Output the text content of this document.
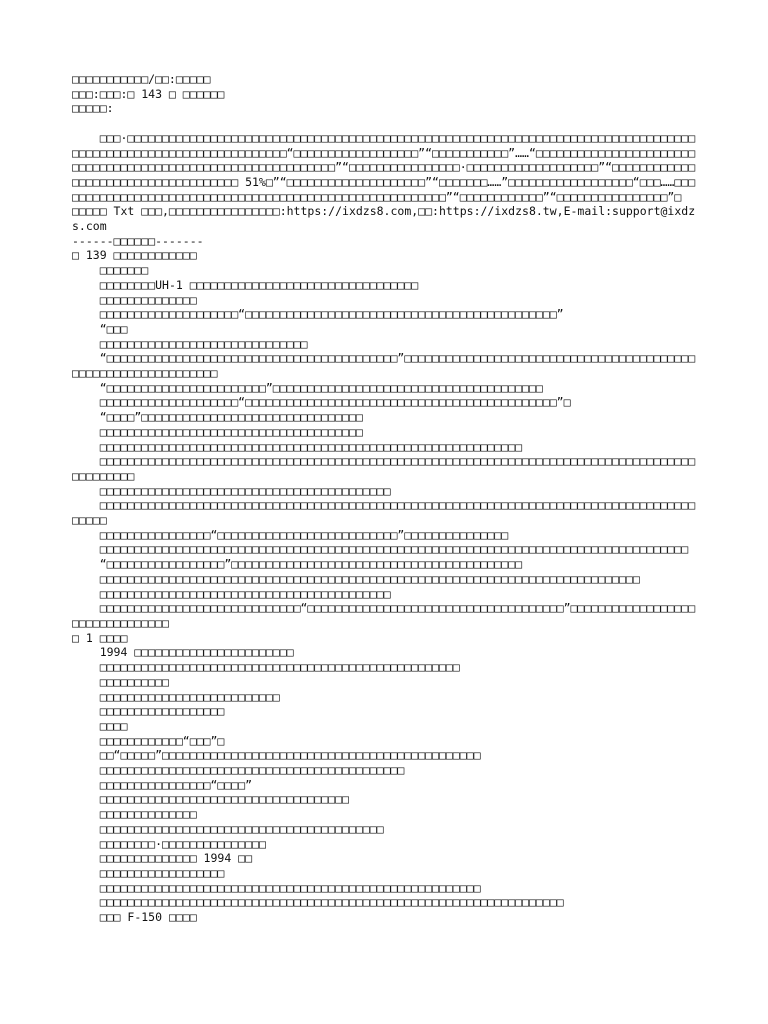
□□□□□□□□□□□/□□:□□□□□
□□□:□□□:□ 143 □ □□□□□□
□□□□□:
□□□·□□□□□□□□□□□□□□□□□□□□□□□□□□□□□□□□□□□□□□□□□□□□□□□□□□□□□□□□□□□□□□□□□□□□□□□□□□□□□□□□□□□□□□□□□□□□□□□□□□□□□□□□□□□□□□□□□“□□□□□□□□□□□□□□□□□□”“□□□□□□□□□□□”……“□□□□□□□□□□□□□□□□□□□□□□□□□□□□□□□□□□□□□□□□□□□□□□□□□□□□□□□□□□□□□”“□□□□□□□□□□□□□□□□·□□□□□□□□□□□□□□□□□□□”“□□□□□□□□□□□□□□□□□□□□□□□□□□□□□□□□□□□□ 51%□”“□□□□□□□□□□□□□□□□□□□□”“□□□□□□□……”□□□□□□□□□□□□□□□□□□“□□□……□□□□□□□□□□□□□□□□□□□□□□□□□□□□□□□□□□□□□□□□□□□□□□□□□□□□□□□□□”“□□□□□□□□□□□□”“□□□□□□□□□□□□□□□□”□
□□□□□ Txt □□□,□□□□□□□□□□□□□□□□:https://ixdzs8.com,□□:https://ixdzs8.tw,E-mail:support@ixdzs.com
------□□□□□□-------
□ 139 □□□□□□□□□□□□
□□□□□□□
□□□□□□□□UH-1 □□□□□□□□□□□□□□□□□□□□□□□□□□□□□□□□□
□□□□□□□□□□□□□□
□□□□□□□□□□□□□□□□□□□□“□□□□□□□□□□□□□□□□□□□□□□□□□□□□□□□□□□□□□□□□□□□□□”
“□□□
□□□□□□□□□□□□□□□□□□□□□□□□□□□□□□
“□□□□□□□□□□□□□□□□□□□□□□□□□□□□□□□□□□□□□□□□□□”□□□□□□□□□□□□□□□□□□□□□□□□□□□□□□□□□□□□□□□□□□□□□□□□□□□□□□□□□□□□□□□
“□□□□□□□□□□□□□□□□□□□□□□□”□□□□□□□□□□□□□□□□□□□□□□□□□□□□□□□□□□□□□□□
□□□□□□□□□□□□□□□□□□□□“□□□□□□□□□□□□□□□□□□□□□□□□□□□□□□□□□□□□□□□□□□□□□”□
“□□□□”□□□□□□□□□□□□□□□□□□□□□□□□□□□□□□□□
□□□□□□□□□□□□□□□□□□□□□□□□□□□□□□□□□□□□□□
□□□□□□□□□□□□□□□□□□□□□□□□□□□□□□□□□□□□□□□□□□□□□□□□□□□□□□□□□□□□□
□□□□□□□□□□□□□□□□□□□□□□□□□□□□□□□□□□□□□□□□□□□□□□□□□□□□□□□□□□□□□□□□□□□□□□□□□□□□□□□□□□□□□□□□□□□□□□□
□□□□□□□□□□□□□□□□□□□□□□□□□□□□□□□□□□□□□□□□□□
□□□□□□□□□□□□□□□□□□□□□□□□□□□□□□□□□□□□□□□□□□□□□□□□□□□□□□□□□□□□□□□□□□□□□□□□□□□□□□□□□□□□□□□□□□□
□□□□□□□□□□□□□□□□“□□□□□□□□□□□□□□□□□□□□□□□□□□”□□□□□□□□□□□□□□□
□□□□□□□□□□□□□□□□□□□□□□□□□□□□□□□□□□□□□□□□□□□□□□□□□□□□□□□□□□□□□□□□□□□□□□□□□□□□□□□□□□□□□
“□□□□□□□□□□□□□□□□□”□□□□□□□□□□□□□□□□□□□□□□□□□□□□□□□□□□□□□□□□□□
□□□□□□□□□□□□□□□□□□□□□□□□□□□□□□□□□□□□□□□□□□□□□□□□□□□□□□□□□□□□□□□□□□□□□□□□□□□□□□
□□□□□□□□□□□□□□□□□□□□□□□□□□□□□□□□□□□□□□□□□□
□□□□□□□□□□□□□□□□□□□□□□□□□□□□□“□□□□□□□□□□□□□□□□□□□□□□□□□□□□□□□□□□□□□”□□□□□□□□□□□□□□□□□□□□□□□□□□□□□□□□
□ 1 □□□□
1994 □□□□□□□□□□□□□□□□□□□□□□□
□□□□□□□□□□□□□□□□□□□□□□□□□□□□□□□□□□□□□□□□□□□□□□□□□□□□
□□□□□□□□□□
□□□□□□□□□□□□□□□□□□□□□□□□□□
□□□□□□□□□□□□□□□□□□
□□□□
□□□□□□□□□□□□“□□□”□
□□“□□□□□”□□□□□□□□□□□□□□□□□□□□□□□□□□□□□□□□□□□□□□□□□□□□□□
□□□□□□□□□□□□□□□□□□□□□□□□□□□□□□□□□□□□□□□□□□□□
□□□□□□□□□□□□□□□□“□□□□”
□□□□□□□□□□□□□□□□□□□□□□□□□□□□□□□□□□□□
□□□□□□□□□□□□□□
□□□□□□□□□□□□□□□□□□□□□□□□□□□□□□□□□□□□□□□□□
□□□□□□□□·□□□□□□□□□□□□□□□
□□□□□□□□□□□□□□ 1994 □□
□□□□□□□□□□□□□□□□□□
□□□□□□□□□□□□□□□□□□□□□□□□□□□□□□□□□□□□□□□□□□□□□□□□□□□□□□□
□□□□□□□□□□□□□□□□□□□□□□□□□□□□□□□□□□□□□□□□□□□□□□□□□□□□□□□□□□□□□□□□□□□
□□□ F-150 □□□□
